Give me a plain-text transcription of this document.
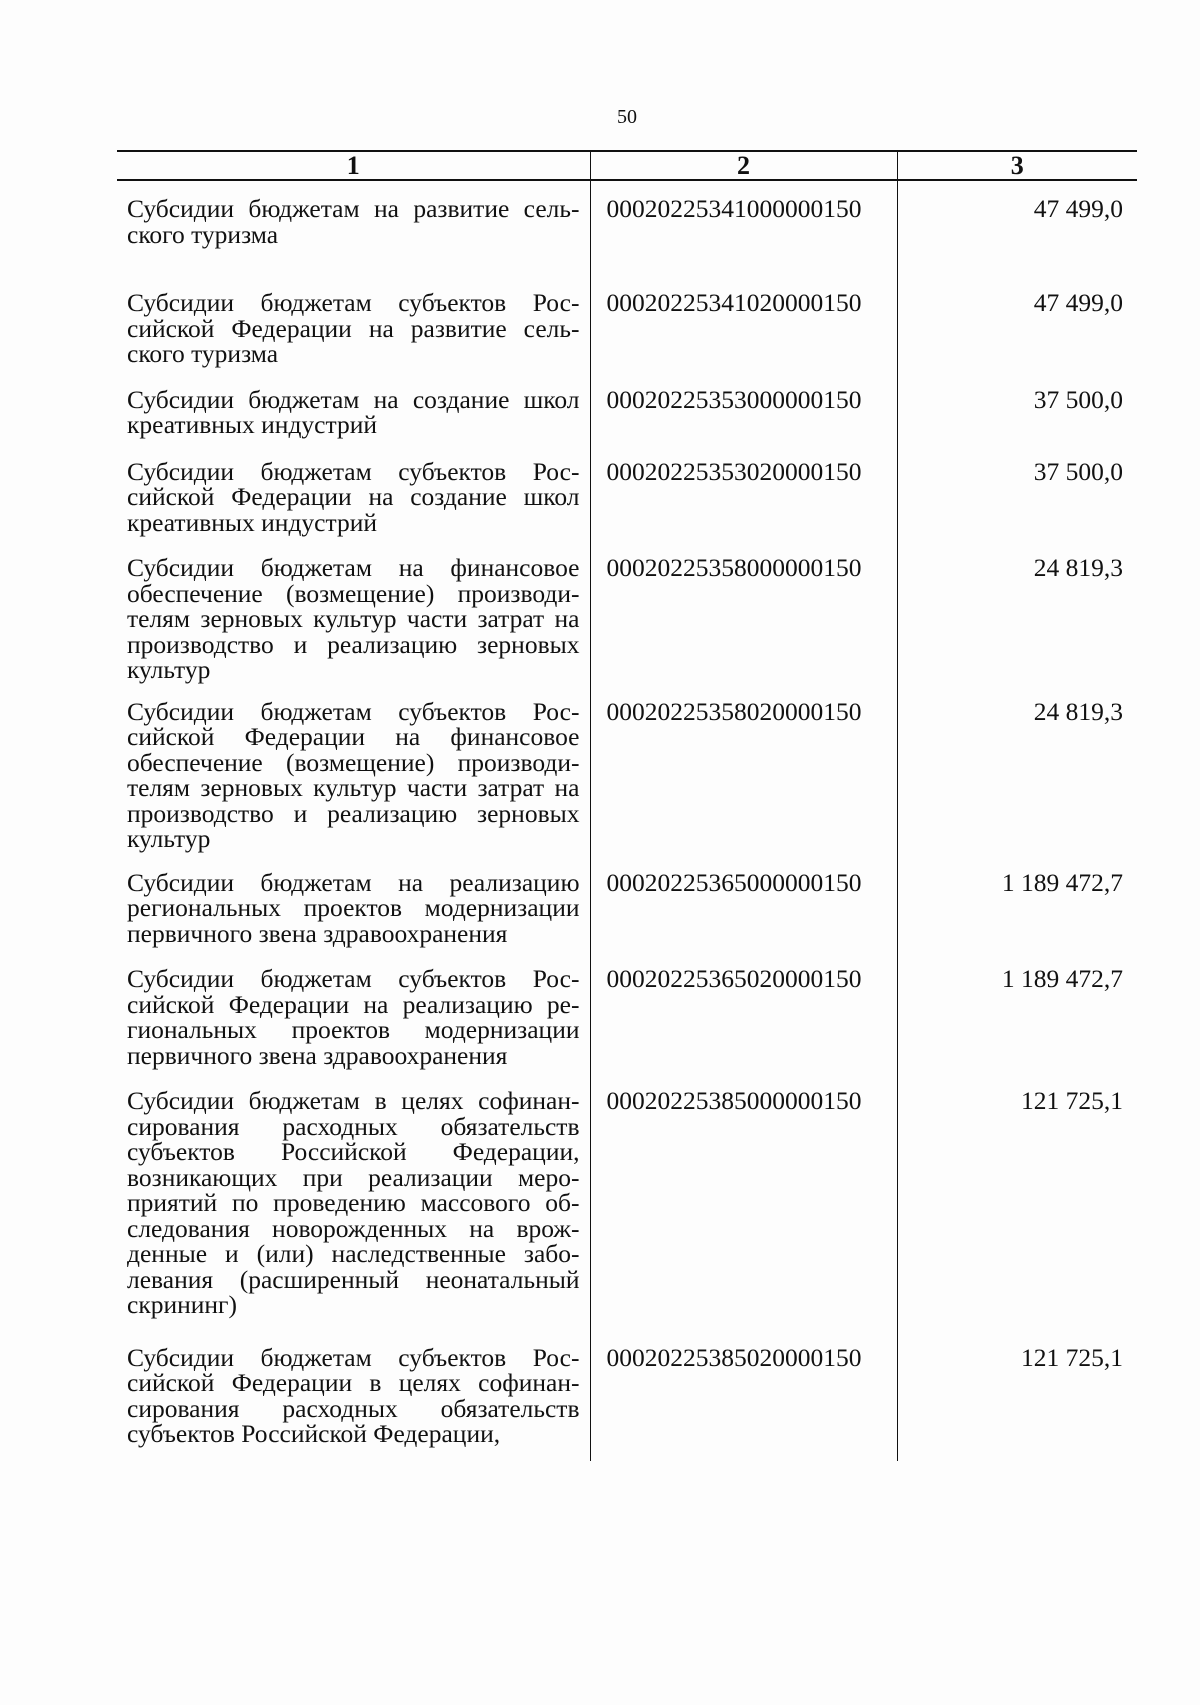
50
1	2	3

Субсидии бюджетам на развитие сельского туризма	00020225341000000150	47 499,0

Субсидии бюджетам субъектов Российской Федерации на развитие сельского туризма	00020225341020000150	47 499,0

Субсидии бюджетам на создание школ креативных индустрий	00020225353000000150	37 500,0

Субсидии бюджетам субъектов Российской Федерации на создание школ креативных индустрий	00020225353020000150	37 500,0

Субсидии бюджетам на финансовое обеспечение (возмещение) производителям зерновых культур части затрат на производство и реализацию зерновых культур	00020225358000000150	24 819,3

Субсидии бюджетам субъектов Российской Федерации на финансовое обеспечение (возмещение) производителям зерновых культур части затрат на производство и реализацию зерновых культур	00020225358020000150	24 819,3

Субсидии бюджетам на реализацию региональных проектов модернизации первичного звена здравоохранения	00020225365000000150	1 189 472,7

Субсидии бюджетам субъектов Российской Федерации на реализацию региональных проектов модернизации первичного звена здравоохранения	00020225365020000150	1 189 472,7

Субсидии бюджетам в целях софинансирования расходных обязательств субъектов Российской Федерации, возникающих при реализации мероприятий по проведению массового обследования новорожденных на врожденные и (или) наследственные заболевания (расширенный неонатальный скрининг)	00020225385000000150	121 725,1

Субсидии бюджетам субъектов Российской Федерации в целях софинансирования расходных обязательств субъектов Российской Федерации,	00020225385020000150	121 725,1
